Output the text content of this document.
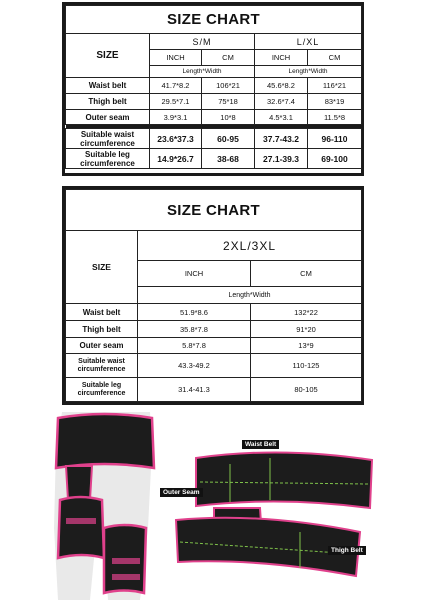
SIZE CHART				
SIZE	S/M		L/XL	
	INCH	CM	INCH	CM
	Length*Width		Length*Width	
Waist belt	41.7*8.2	106*21	45.6*8.2	116*21
Thigh belt	29.5*7.1	75*18	32.6*7.4	83*19
Outer seam	3.9*3.1	10*8	4.5*3.1	11.5*8

Suitable waist circumference	23.6*37.3	60-95	37.7-43.2	96-110
Suitable leg circumference	14.9*26.7	38-68	27.1-39.3	69-100
SIZE CHART		
SIZE	2XL/3XL	
	INCH	CM
	Length*Width	
Waist belt	51.9*8.6	132*22
Thigh belt	35.8*7.8	91*20
Outer seam	5.8*7.8	13*9
Suitable waist circumference	43.3-49.2	110-125
Suitable leg circumference	31.4-41.3	80-105
Waist Belt
Outer Seam
Thigh Belt
